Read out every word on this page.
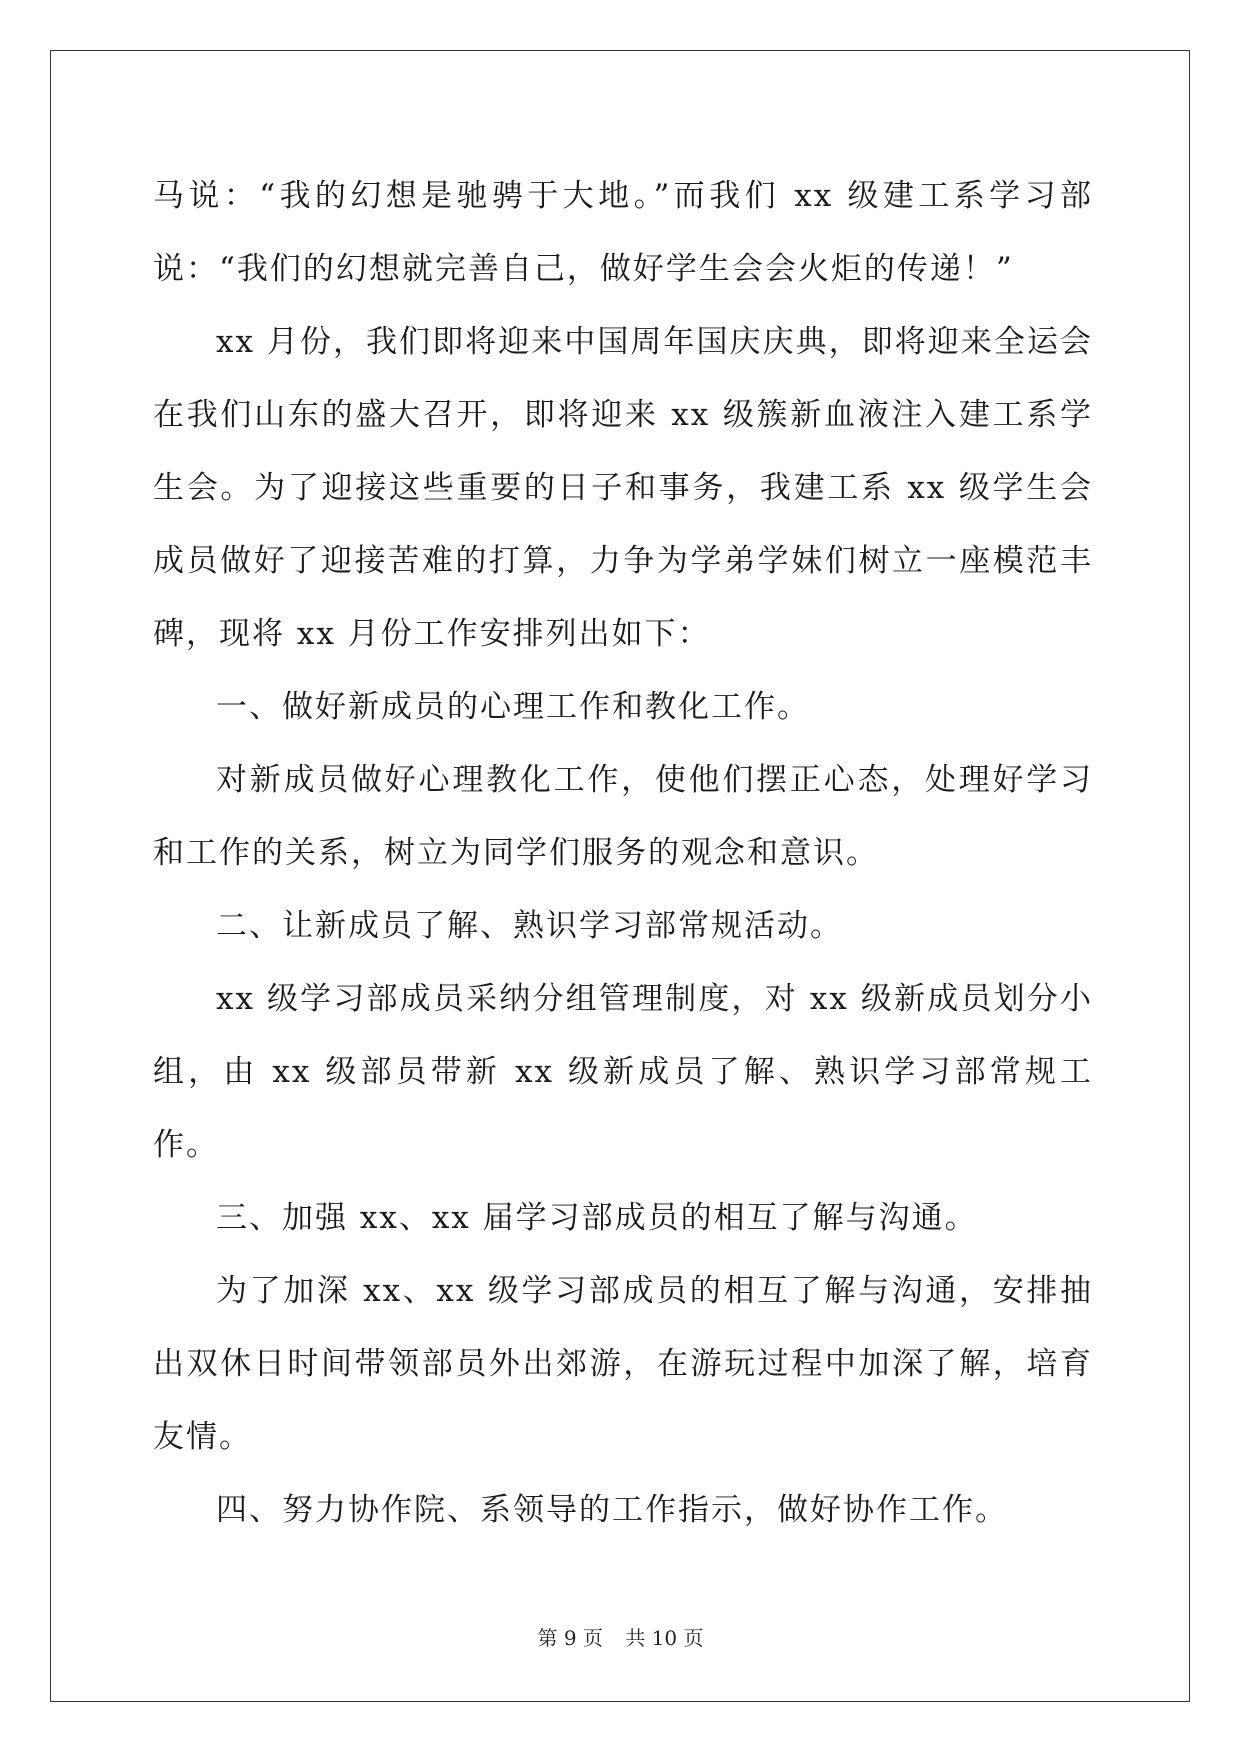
马说：“我的幻想是驰骋于大地。”而我们 xx 级建工系学习部说：“我们的幻想就完善自己，做好学生会会火炬的传递！”

xx 月份，我们即将迎来中国周年国庆庆典，即将迎来全运会在我们山东的盛大召开，即将迎来 xx 级簇新血液注入建工系学生会。为了迎接这些重要的日子和事务，我建工系 xx 级学生会成员做好了迎接苦难的打算，力争为学弟学妹们树立一座模范丰碑，现将 xx 月份工作安排列出如下：

一、做好新成员的心理工作和教化工作。

对新成员做好心理教化工作，使他们摆正心态，处理好学习和工作的关系，树立为同学们服务的观念和意识。

二、让新成员了解、熟识学习部常规活动。

xx 级学习部成员采纳分组管理制度，对 xx 级新成员划分小组，由 xx 级部员带新 xx 级新成员了解、熟识学习部常规工作。

三、加强 xx、xx 届学习部成员的相互了解与沟通。

为了加深 xx、xx 级学习部成员的相互了解与沟通，安排抽出双休日时间带领部员外出郊游，在游玩过程中加深了解，培育友情。

四、努力协作院、系领导的工作指示，做好协作工作。

第 9 页 共 10 页
